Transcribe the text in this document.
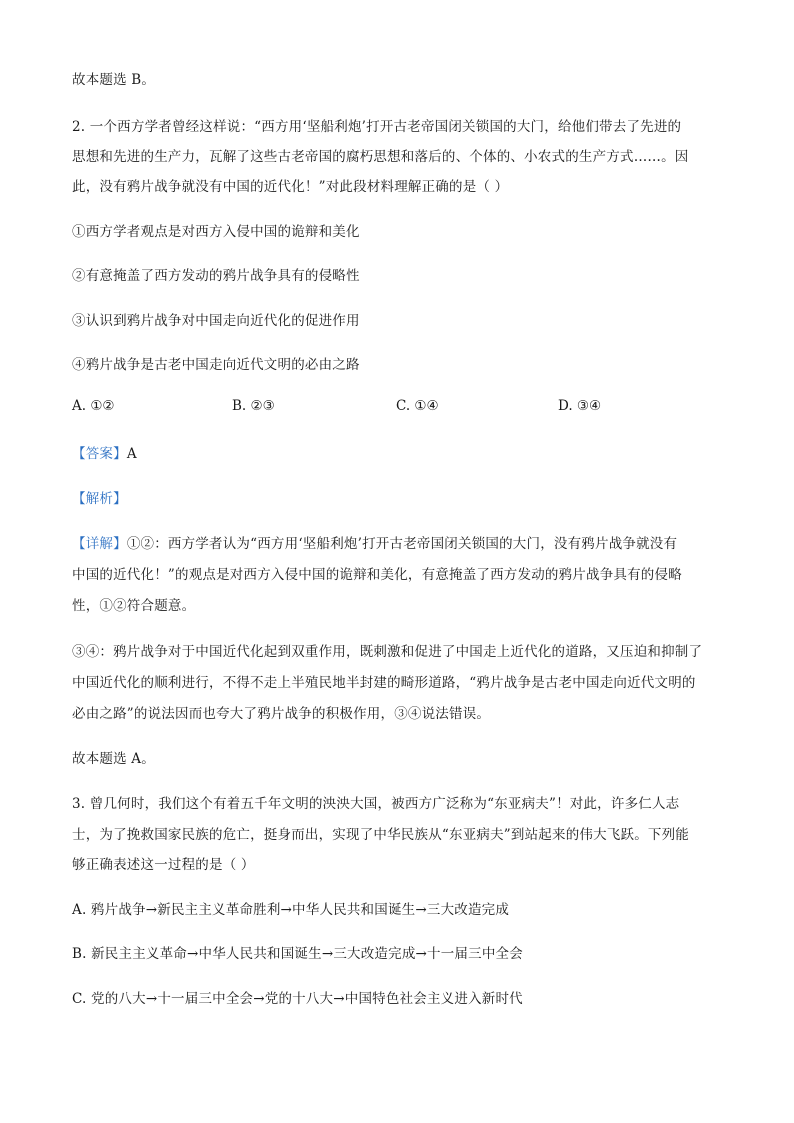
故本题选 B。
2. 一个西方学者曾经这样说：“西方用‘坚船利炮’打开古老帝国闭关锁国的大门，给他们带去了先进的
思想和先进的生产力，瓦解了这些古老帝国的腐朽思想和落后的、个体的、小农式的生产方式……。因
此，没有鸦片战争就没有中国的近代化！”对此段材料理解正确的是（ ）
①西方学者观点是对西方入侵中国的诡辩和美化
②有意掩盖了西方发动的鸦片战争具有的侵略性
③认识到鸦片战争对中国走向近代化的促进作用
④鸦片战争是古老中国走向近代文明的必由之路
A. ①②	B. ②③	C. ①④	D. ③④
【答案】A
【解析】
【详解】①②：西方学者认为“西方用‘坚船利炮’打开古老帝国闭关锁国的大门，没有鸦片战争就没有
中国的近代化！”的观点是对西方入侵中国的诡辩和美化，有意掩盖了西方发动的鸦片战争具有的侵略
性，①②符合题意。
③④：鸦片战争对于中国近代化起到双重作用，既刺激和促进了中国走上近代化的道路，又压迫和抑制了
中国近代化的顺利进行，不得不走上半殖民地半封建的畸形道路，“鸦片战争是古老中国走向近代文明的
必由之路”的说法因而也夸大了鸦片战争的积极作用，③④说法错误。
故本题选 A。
3. 曾几何时，我们这个有着五千年文明的泱泱大国，被西方广泛称为“东亚病夫”！对此，许多仁人志
士，为了挽救国家民族的危亡，挺身而出，实现了中华民族从“东亚病夫”到站起来的伟大飞跃。下列能
够正确表述这一过程的是（ ）
A. 鸦片战争→新民主主义革命胜利→中华人民共和国诞生→三大改造完成
B. 新民主主义革命→中华人民共和国诞生→三大改造完成→十一届三中全会
C. 党的八大→十一届三中全会→党的十八大→中国特色社会主义进入新时代
